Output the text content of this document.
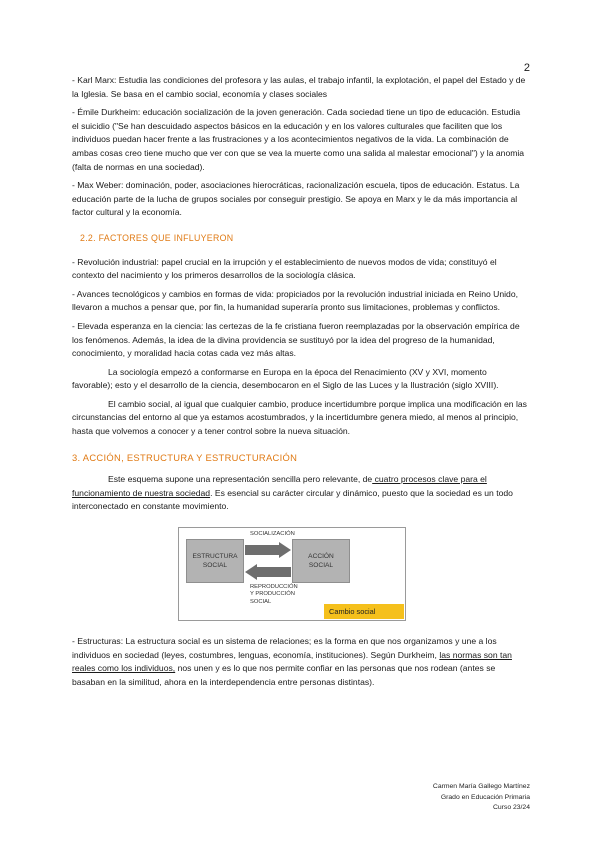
2

- Karl Marx: Estudia las condiciones del profesora y las aulas, el trabajo infantil, la explotación, el papel del Estado y de la Iglesia. Se basa en el cambio social, economía y clases sociales

- Émile Durkheim: educación socialización de la joven generación. Cada sociedad tiene un tipo de educación. Estudia el suicidio ("Se han descuidado aspectos básicos en la educación y en los valores culturales que faciliten que los individuos puedan hacer frente a las frustraciones y a los acontecimientos negativos de la vida. La combinación de ambas cosas creo tiene mucho que ver con que se vea la muerte como una salida al malestar emocional") y la anomia (falta de normas en una sociedad).

- Max Weber: dominación, poder, asociaciones hierocráticas, racionalización escuela, tipos de educación. Estatus. La educación parte de la lucha de grupos sociales por conseguir prestigio. Se apoya en Marx y le da más importancia al factor cultural y la economía.

2.2. FACTORES QUE INFLUYERON

- Revolución industrial: papel crucial en la irrupción y el establecimiento de nuevos modos de vida; constituyó el contexto del nacimiento y los primeros desarrollos de la sociología clásica.

- Avances tecnológicos y cambios en formas de vida: propiciados por la revolución industrial iniciada en Reino Unido, llevaron a muchos a pensar que, por fin, la humanidad superaría pronto sus limitaciones, problemas y conflictos.

- Elevada esperanza en la ciencia: las certezas de la fe cristiana fueron reemplazadas por la observación empírica de los fenómenos. Además, la idea de la divina providencia se sustituyó por la idea del progreso de la humanidad, conocimiento, y moralidad hacia cotas cada vez más altas.

La sociología empezó a conformarse en Europa en la época del Renacimiento (XV y XVI, momento favorable); esto y el desarrollo de la ciencia, desembocaron en el Siglo de las Luces y la Ilustración (siglo XVIII).

El cambio social, al igual que cualquier cambio, produce incertidumbre porque implica una modificación en las circunstancias del entorno al que ya estamos acostumbrados, y la incertidumbre genera miedo, al menos al principio, hasta que volvemos a conocer y a tener control sobre la nueva situación.

3. ACCIÓN, ESTRUCTURA Y ESTRUCTURACIÓN

Este esquema supone una representación sencilla pero relevante, de cuatro procesos clave para el funcionamiento de nuestra sociedad. Es esencial su carácter circular y dinámico, puesto que la sociedad es un todo interconectado en constante movimiento.

ESTRUCTURA
SOCIAL
ACCIÓN
SOCIAL
SOCIALIZACIÓN
REPRODUCCIÓN
Y PRODUCCIÓN
SOCIAL
Cambio social

- Estructuras: La estructura social es un sistema de relaciones; es la forma en que nos organizamos y une a los individuos en sociedad (leyes, costumbres, lenguas, economía, instituciones). Según Durkheim, las normas son tan reales como los individuos, nos unen y es lo que nos permite confiar en las personas que nos rodean (antes se basaban en la similitud, ahora en la interdependencia entre personas distintas).

Carmen María Gallego Martínez
Grado en Educación Primaria
Curso 23/24
